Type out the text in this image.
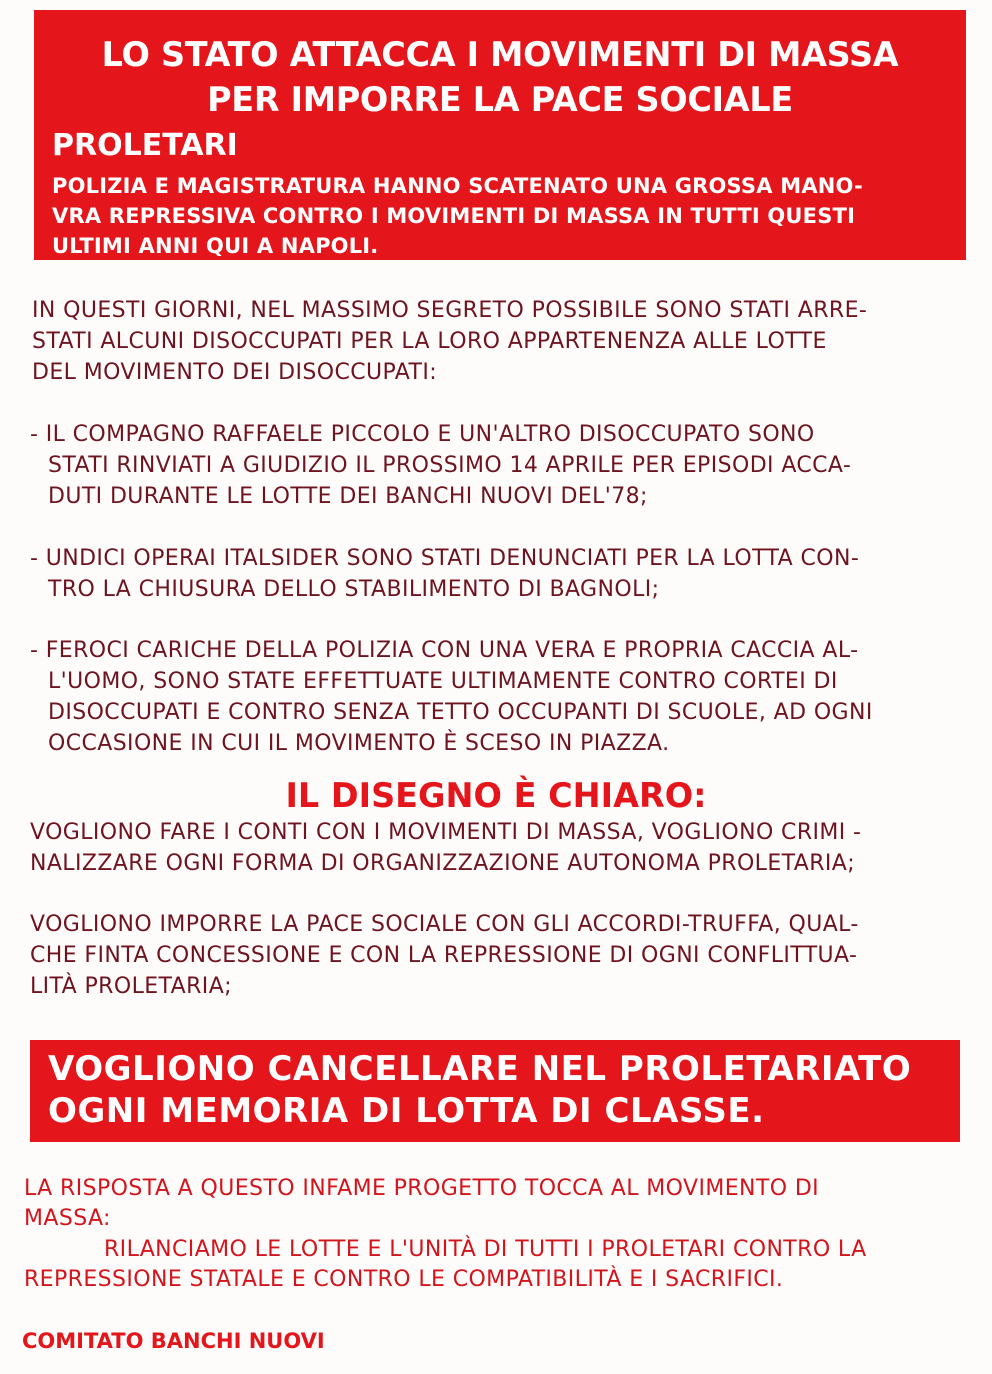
LO STATO ATTACCA I MOVIMENTI DI MASSA
PER IMPORRE LA PACE SOCIALE
PROLETARI
POLIZIA E MAGISTRATURA HANNO SCATENATO UNA GROSSA MANO-
VRA REPRESSIVA CONTRO I MOVIMENTI DI MASSA IN TUTTI QUESTI
ULTIMI ANNI QUI A NAPOLI.
IN QUESTI GIORNI, NEL MASSIMO SEGRETO POSSIBILE SONO STATI ARRE-
STATI ALCUNI DISOCCUPATI PER LA LORO APPARTENENZA ALLE LOTTE
DEL MOVIMENTO DEI DISOCCUPATI:
- IL COMPAGNO RAFFAELE PICCOLO E UN'ALTRO DISOCCUPATO SONO
STATI RINVIATI A GIUDIZIO IL PROSSIMO 14 APRILE PER EPISODI ACCA-
DUTI DURANTE LE LOTTE DEI BANCHI NUOVI DEL'78;
- UNDICI OPERAI ITALSIDER SONO STATI DENUNCIATI PER LA LOTTA CON-
TRO LA CHIUSURA DELLO STABILIMENTO DI BAGNOLI;
- FEROCI CARICHE DELLA POLIZIA CON UNA VERA E PROPRIA CACCIA AL-
L'UOMO, SONO STATE EFFETTUATE ULTIMAMENTE CONTRO CORTEI DI
DISOCCUPATI E CONTRO SENZA TETTO OCCUPANTI DI SCUOLE, AD OGNI
OCCASIONE IN CUI IL MOVIMENTO È SCESO IN PIAZZA.
IL DISEGNO È CHIARO:
VOGLIONO FARE I CONTI CON I MOVIMENTI DI MASSA, VOGLIONO CRIMI -
NALIZZARE OGNI FORMA DI ORGANIZZAZIONE AUTONOMA PROLETARIA;
VOGLIONO IMPORRE LA PACE SOCIALE CON GLI ACCORDI-TRUFFA, QUAL-
CHE FINTA CONCESSIONE E CON LA REPRESSIONE DI OGNI CONFLITTUA-
LITÀ PROLETARIA;
VOGLIONO CANCELLARE NEL PROLETARIATO
OGNI MEMORIA DI LOTTA DI CLASSE.
LA RISPOSTA A QUESTO INFAME PROGETTO TOCCA AL MOVIMENTO DI
MASSA:
RILANCIAMO LE LOTTE E L'UNITÀ DI TUTTI I PROLETARI CONTRO LA
REPRESSIONE STATALE E CONTRO LE COMPATIBILITÀ E I SACRIFICI.
COMITATO BANCHI NUOVI
